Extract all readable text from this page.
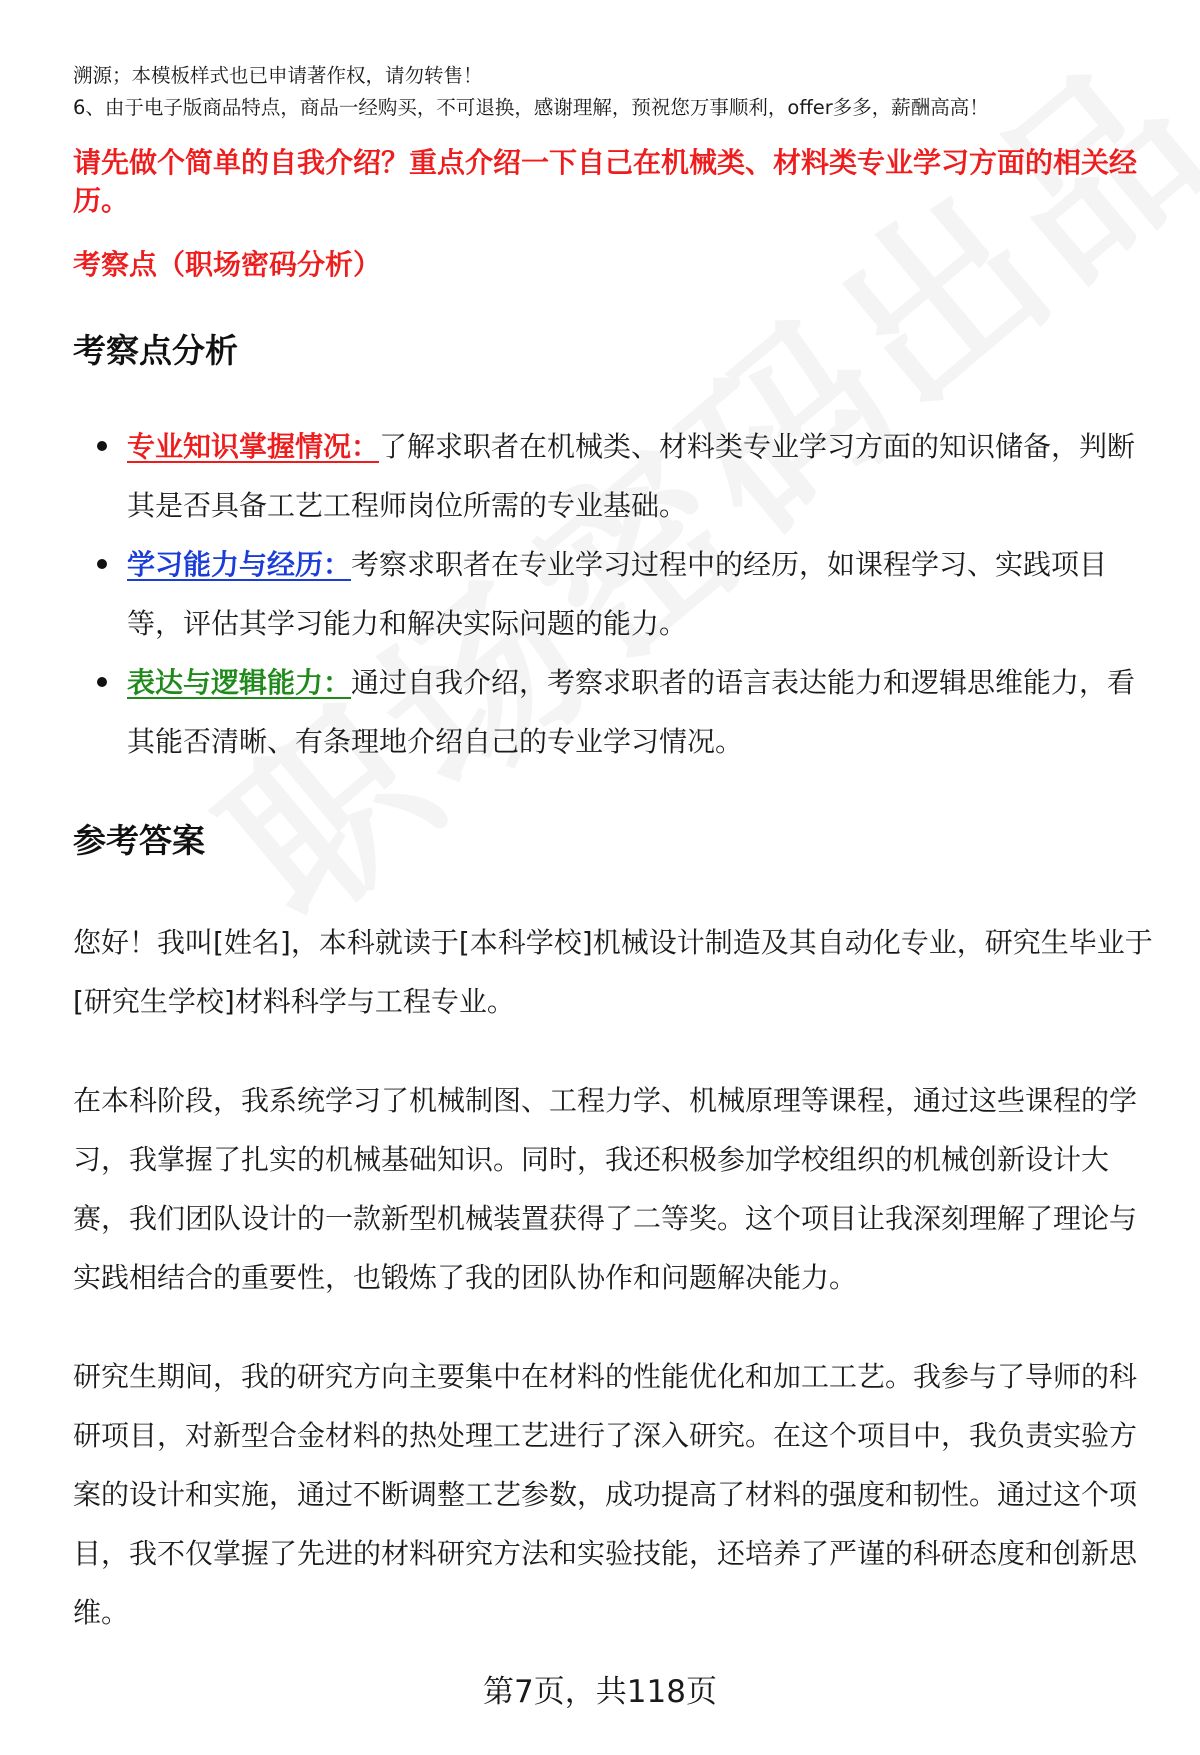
溯源；本模板样式也已申请著作权，请勿转售！
6、由于电子版商品特点，商品一经购买，不可退换，感谢理解，预祝您万事顺利，offer多多，薪酬高高！
请先做个简单的自我介绍？重点介绍一下自己在机械类、材料类专业学习方面的相关经历。
考察点（职场密码分析）
考察点分析
专业知识掌握情况：了解求职者在机械类、材料类专业学习方面的知识储备，判断其是否具备工艺工程师岗位所需的专业基础。
学习能力与经历：考察求职者在专业学习过程中的经历，如课程学习、实践项目等，评估其学习能力和解决实际问题的能力。
表达与逻辑能力：通过自我介绍，考察求职者的语言表达能力和逻辑思维能力，看其能否清晰、有条理地介绍自己的专业学习情况。
参考答案
您好！我叫[姓名]，本科就读于[本科学校]机械设计制造及其自动化专业，研究生毕业于[研究生学校]材料科学与工程专业。
在本科阶段，我系统学习了机械制图、工程力学、机械原理等课程，通过这些课程的学习，我掌握了扎实的机械基础知识。同时，我还积极参加学校组织的机械创新设计大赛，我们团队设计的一款新型机械装置获得了二等奖。这个项目让我深刻理解了理论与实践相结合的重要性，也锻炼了我的团队协作和问题解决能力。
研究生期间，我的研究方向主要集中在材料的性能优化和加工工艺。我参与了导师的科研项目，对新型合金材料的热处理工艺进行了深入研究。在这个项目中，我负责实验方案的设计和实施，通过不断调整工艺参数，成功提高了材料的强度和韧性。通过这个项目，我不仅掌握了先进的材料研究方法和实验技能，还培养了严谨的科研态度和创新思维。
第7页，共118页
